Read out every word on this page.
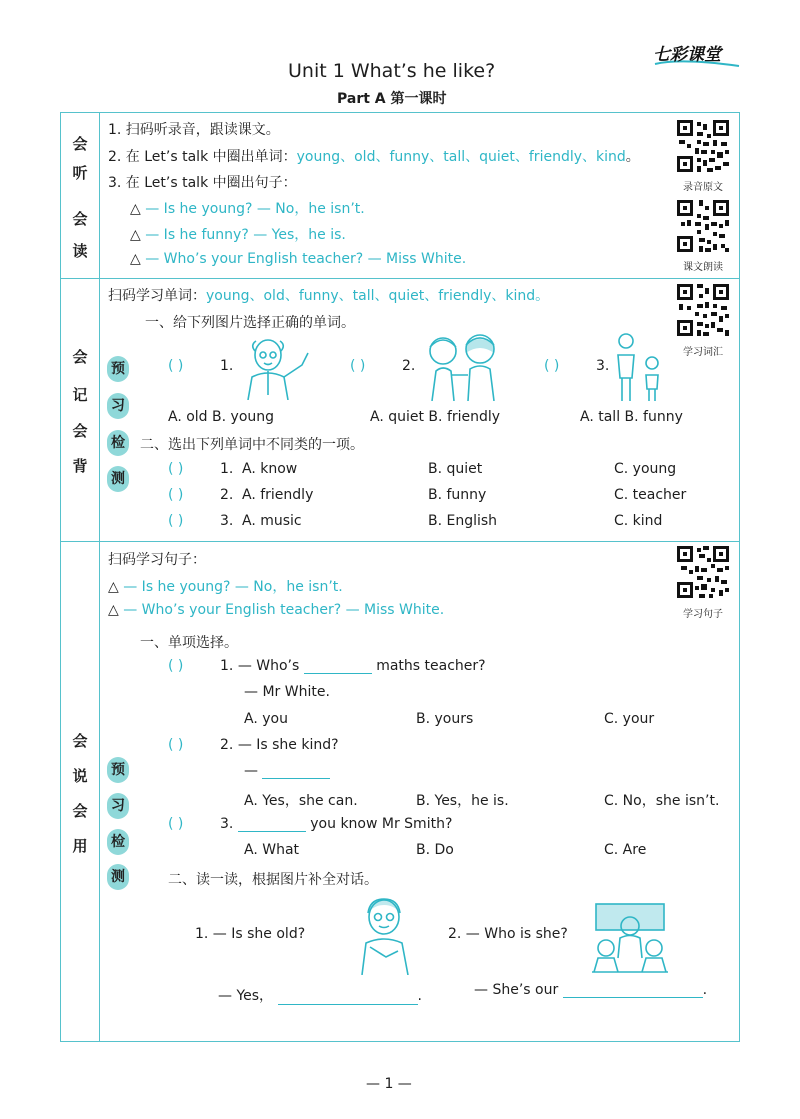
Unit 1 What’s he like?
Part A 第一课时
七彩课堂
会
听
会
读
1. 扫码听录音，跟读课文。
2. 在 Let’s talk 中圈出单词：young、old、funny、tall、quiet、friendly、kind。
3. 在 Let’s talk 中圈出句子：
△ — Is he young? — No，he isn’t.
△ — Is he funny? — Yes，he is.
△ — Who’s your English teacher? — Miss White.
录音原文
课文朗读
会
记
会
背
预
习
检
测
扫码学习单词：young、old、funny、tall、quiet、friendly、kind。
一、给下列图片选择正确的单词。
( )	1.	( )	2.	( )	3.
A. old B. young	A. quiet B. friendly	A. tall B. funny
二、选出下列单词中不同类的一项。
( )	1. A. know	B. quiet	C. young
( )	2. A. friendly	B. funny	C. teacher
( )	3. A. music	B. English	C. kind
学习词汇
会
说
会
用
预
习
检
测
扫码学习句子：
△ — Is he young? — No，he isn’t.
△ — Who’s your English teacher? — Miss White.	学习句子
一、单项选择。
( )	1. — Who’s	maths teacher?
— Mr White.
A. you	B. yours	C. your
( )	2. — Is she kind?
—
A. Yes，she can.	B. Yes，he is.	C. No，she isn’t.
( )	3.	you know Mr Smith?
A. What	B. Do	C. Are
二、读一读，根据图片补全对话。
1. — Is she old?	2. — Who is she?
— Yes，	.	— She’s our	.
— 1 —
